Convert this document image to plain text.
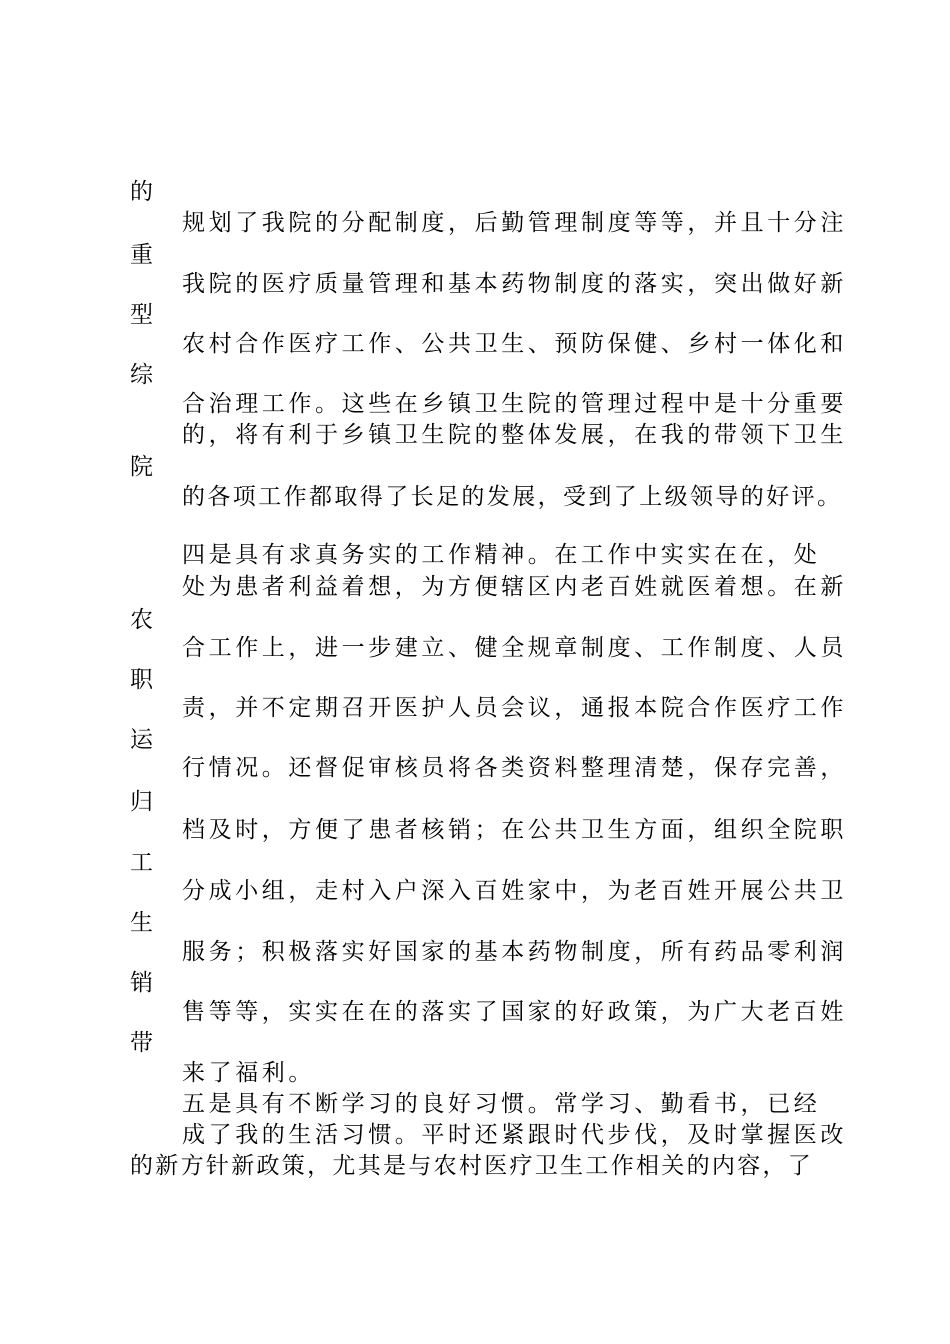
的
重
型
综
院
农
职
运
归
工
生
销
带
规划了我院的分配制度，后勤管理制度等等，并且十分注
我院的医疗质量管理和基本药物制度的落实，突出做好新
农村合作医疗工作、公共卫生、预防保健、乡村一体化和
合治理工作。这些在乡镇卫生院的管理过程中是十分重要
的，将有利于乡镇卫生院的整体发展，在我的带领下卫生
的各项工作都取得了长足的发展，受到了上级领导的好评。
四是具有求真务实的工作精神。在工作中实实在在，处
处为患者利益着想，为方便辖区内老百姓就医着想。在新
合工作上，进一步建立、健全规章制度、工作制度、人员
责，并不定期召开医护人员会议，通报本院合作医疗工作
行情况。还督促审核员将各类资料整理清楚，保存完善，
档及时，方便了患者核销；在公共卫生方面，组织全院职
分成小组，走村入户深入百姓家中，为老百姓开展公共卫
服务；积极落实好国家的基本药物制度，所有药品零利润
售等等，实实在在的落实了国家的好政策，为广大老百姓
来了福利。
五是具有不断学习的良好习惯。常学习、勤看书，已经
成了我的生活习惯。平时还紧跟时代步伐，及时掌握医改
的新方针新政策，尤其是与农村医疗卫生工作相关的内容，了
